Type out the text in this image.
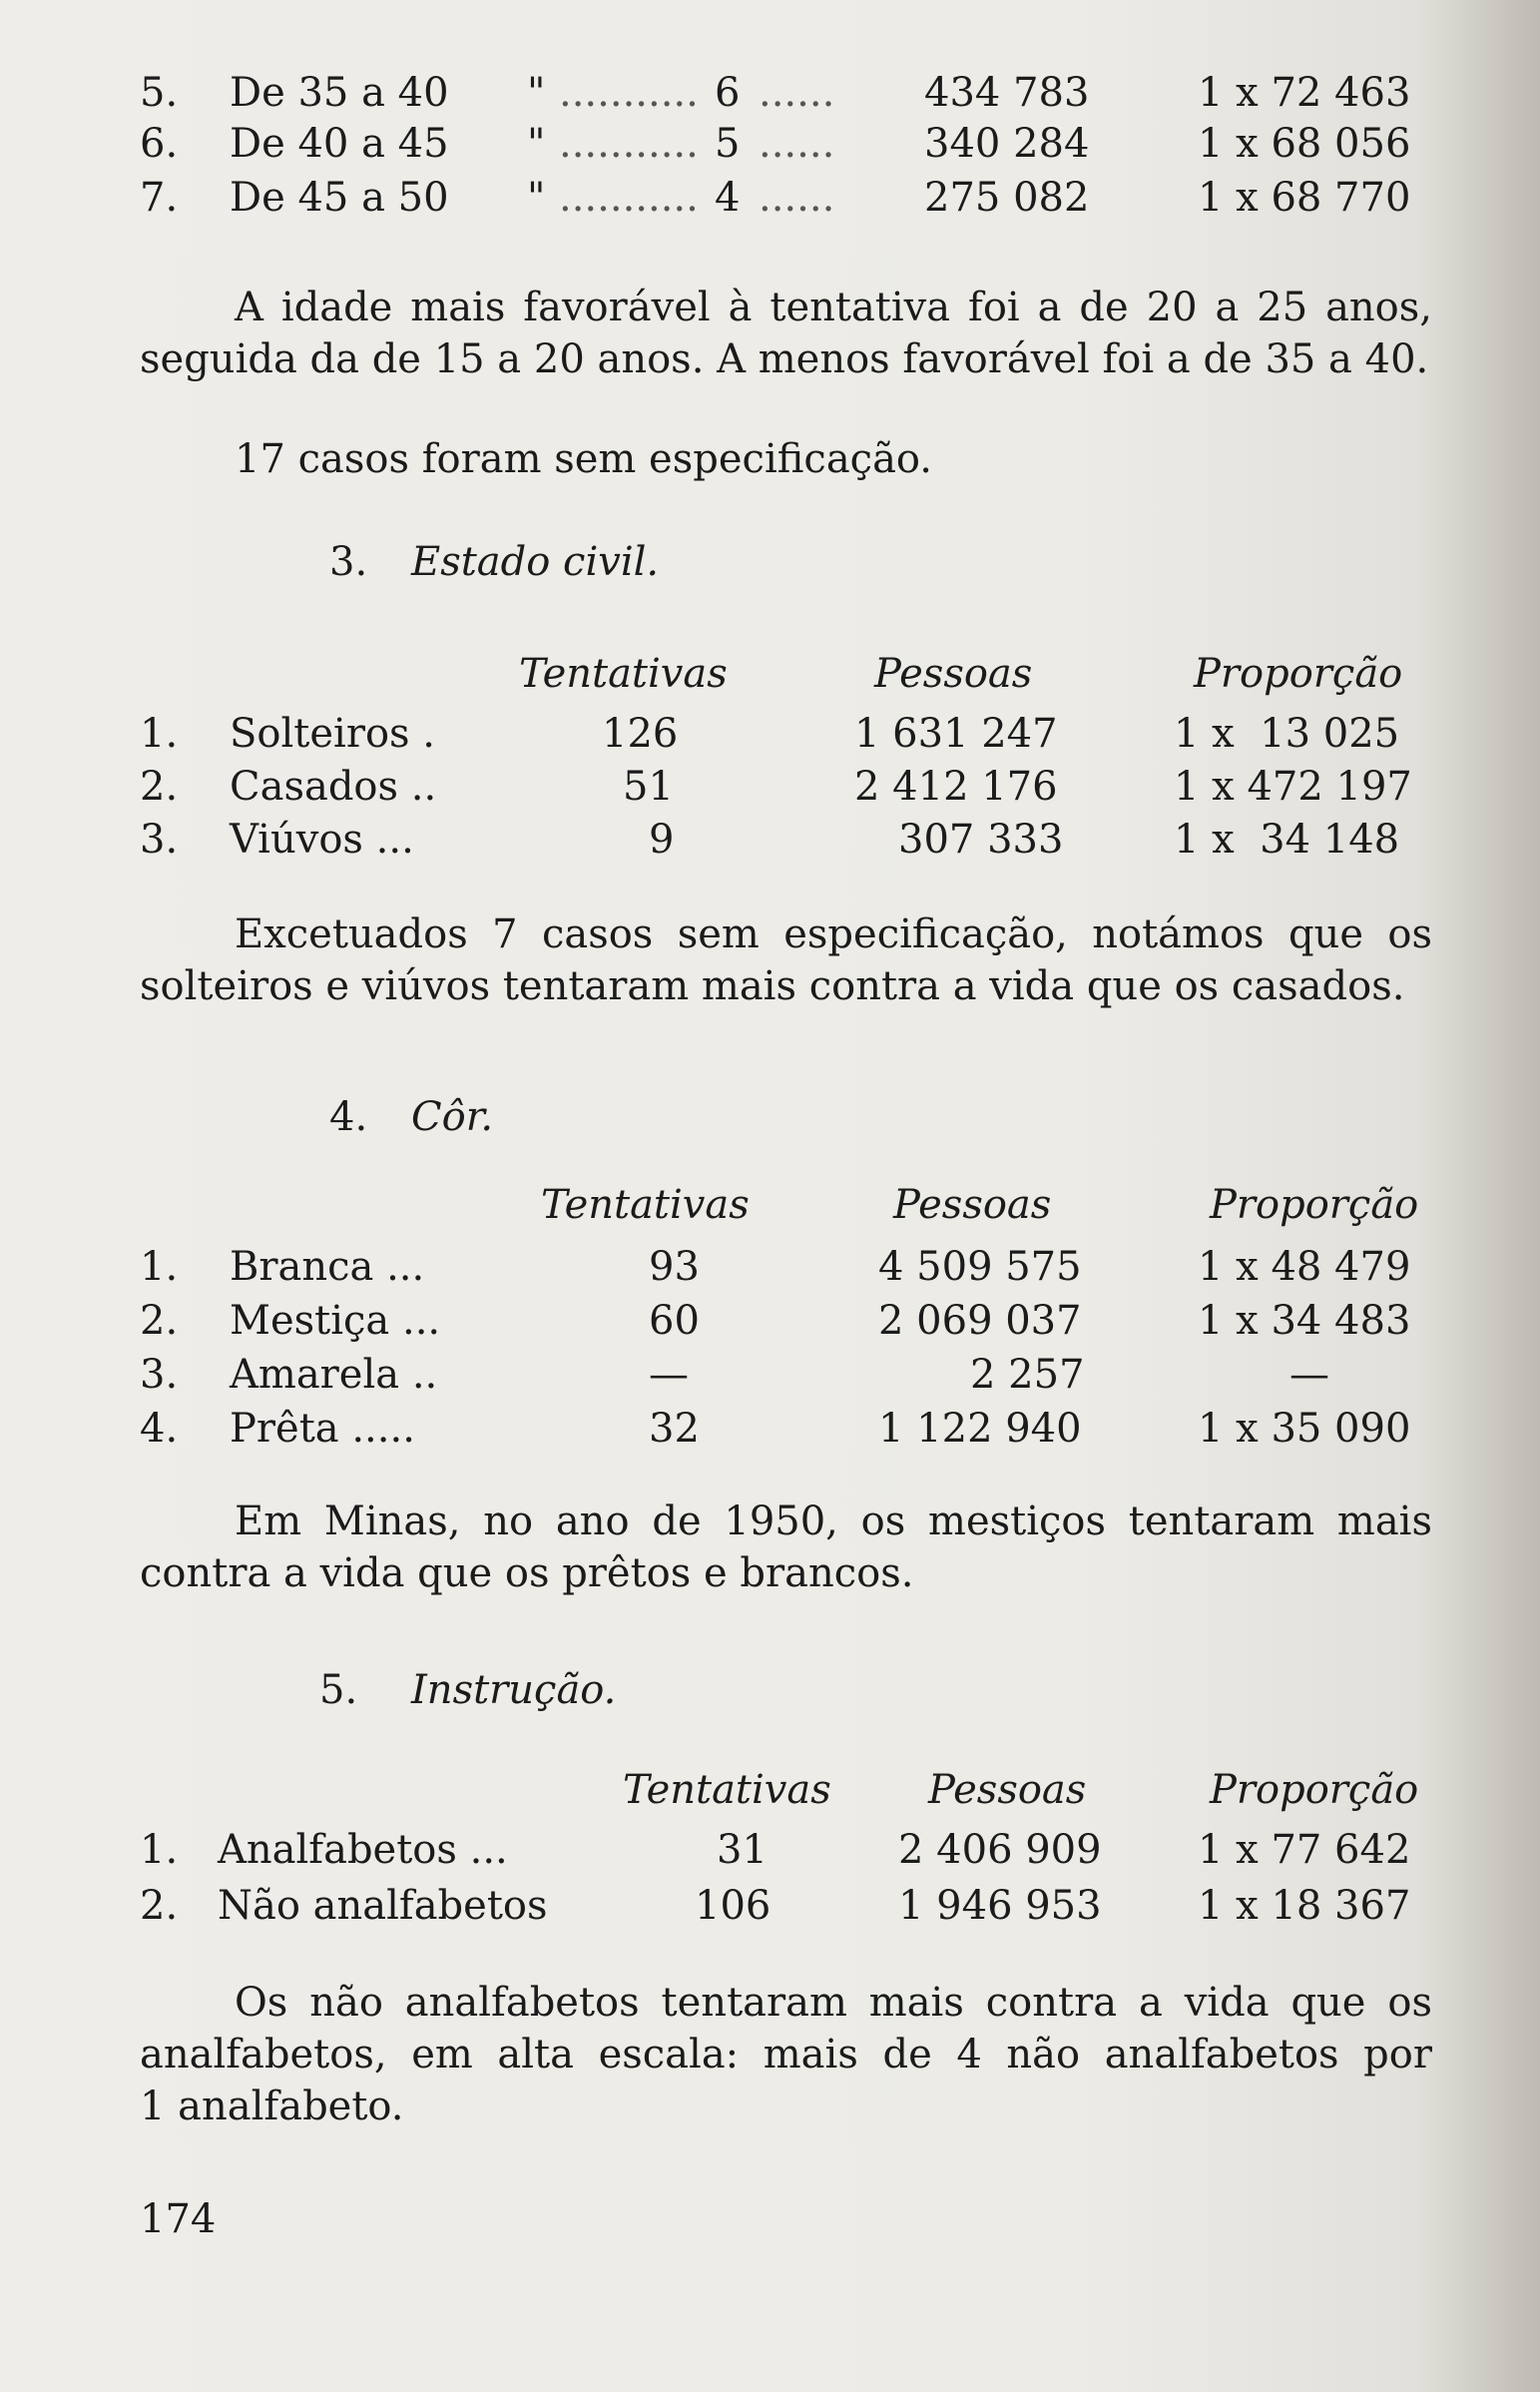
5. De 35 a 40 " ........... 6 ...... 434 783	1 x 72 463
6. De 40 a 45 " ........... 5 ...... 340 284	1 x 68 056
7. De 45 a 50 " ........... 4 ...... 275 082	1 x 68 770

A idade mais favorável à tentativa foi a de 20 a 25 anos,

seguida da de 15 a 20 anos. A menos favorável foi a de 35 a 40.

17 casos foram sem especificação.

3. Estado civil.
Tentativas	Pessoas	Proporção
1. Solteiros .	126	1 631 247	1 x  13 025
2. Casados ..	51	2 412 176	1 x 472 197
3. Viúvos ...	9	307 333	1 x  34 148

Excetuados 7 casos sem especificação, notámos que os

solteiros e viúvos tentaram mais contra a vida que os casados.

4. Côr.
Tentativas	Pessoas	Proporção
1. Branca ...	93	4 509 575	1 x 48 479
2. Mestiça ...	60	2 069 037	1 x 34 483
3. Amarela ..	—	2 257	—
4. Prêta .....	32	1 122 940	1 x 35 090

Em Minas, no ano de 1950, os mestiços tentaram mais

contra a vida que os prêtos e brancos.

5. Instrução.
Tentativas Pessoas	Proporção
1. Analfabetos ...	31	2 406 909 1 x 77 642
2. Não analfabetos	106	1 946 953 1 x 18 367

Os não analfabetos tentaram mais contra a vida que os

analfabetos, em alta escala: mais de 4 não analfabetos por

1 analfabeto.

174
